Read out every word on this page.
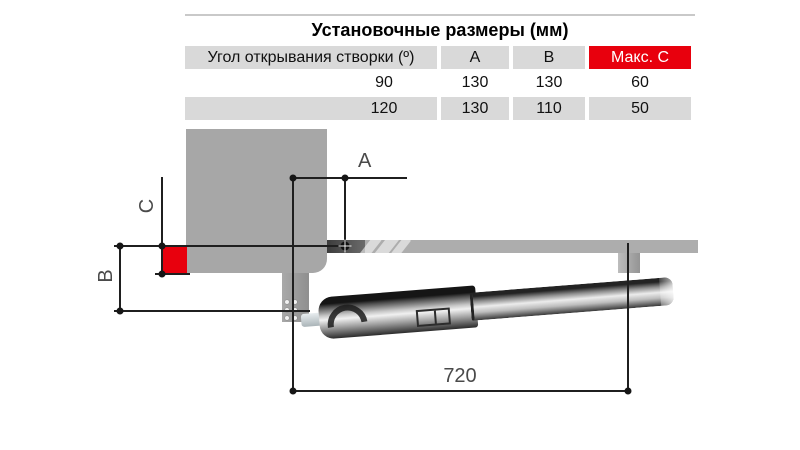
Установочные размеры (мм)
Угол открывания створки (º)	A	B	Макс. C
90	130	130	60
120	130	110	50
A
B
C
720
